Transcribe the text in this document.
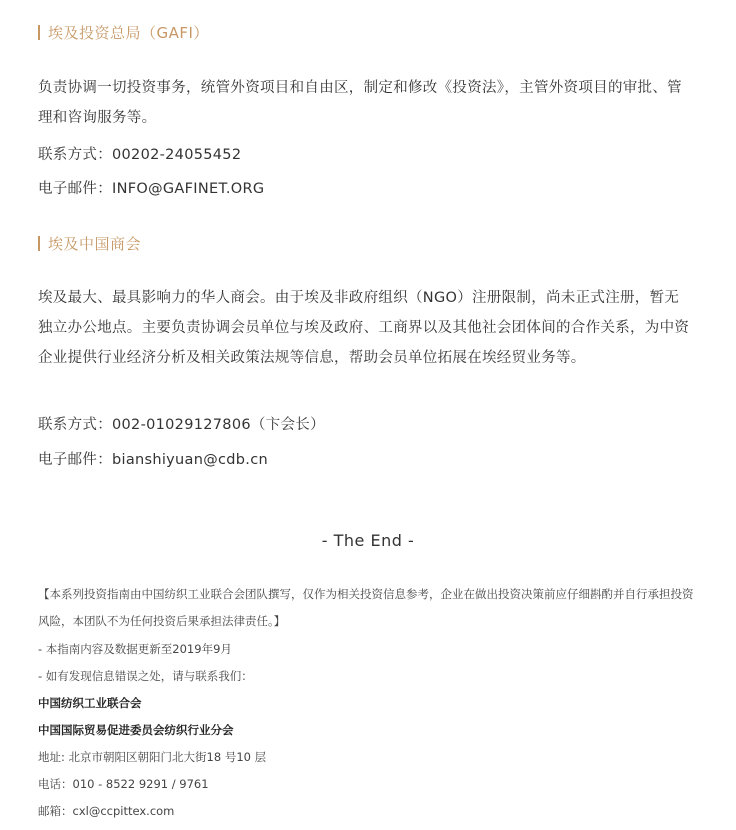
埃及投资总局（GAFI）
负责协调一切投资事务，统管外资项目和自由区，制定和修改《投资法》，主管外资项目的审批、管理和咨询服务等。
联系方式：00202-24055452
电子邮件：INFO@GAFINET.ORG
埃及中国商会
埃及最大、最具影响力的华人商会。由于埃及非政府组织（NGO）注册限制，尚未正式注册，暂无独立办公地点。主要负责协调会员单位与埃及政府、工商界以及其他社会团体间的合作关系，为中资企业提供行业经济分析及相关政策法规等信息，帮助会员单位拓展在埃经贸业务等。
联系方式：002-01029127806（卞会长）
电子邮件：bianshiyuan@cdb.cn
- The End -
【本系列投资指南由中国纺织工业联合会团队撰写，仅作为相关投资信息参考，企业在做出投资决策前应仔细斟酌并自行承担投资风险，本团队不为任何投资后果承担法律责任。】
- 本指南内容及数据更新至2019年9月
- 如有发现信息错误之处，请与联系我们：
中国纺织工业联合会
中国国际贸易促进委员会纺织行业分会
地址: 北京市朝阳区朝阳门北大街18 号10 层
电话：010 - 8522 9291 / 9761
邮箱：cxl@ccpittex.com
